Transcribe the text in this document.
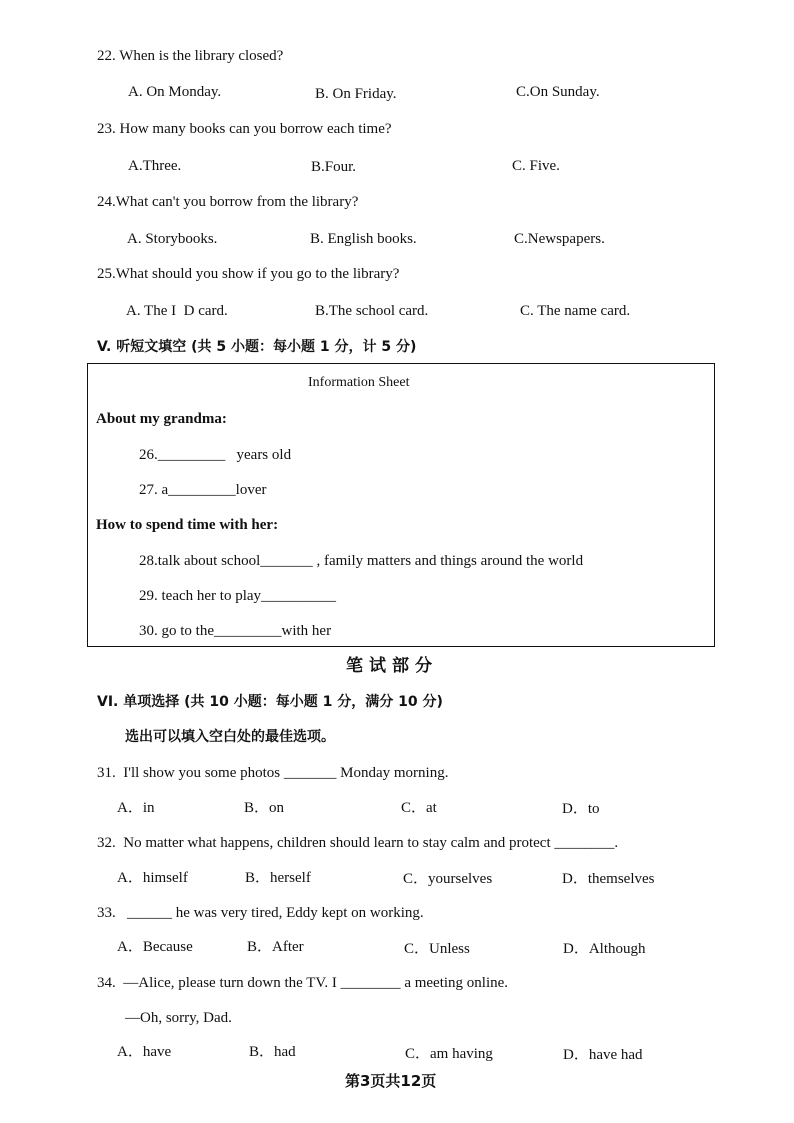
22. When is the library closed?
A. On Monday.	B. On Friday.	C.On Sunday.
23. How many books can you borrow each time?
A.Three.	B.Four.	C. Five.
24.What can't you borrow from the library?
A. Storybooks.	B. English books.	C.Newspapers.
25.What should you show if you go to the library?
A. The I  D card.	B.The school card.	C. The name card.
V. 听短文填空 (共 5 小题：每小题 1 分，计 5 分)
Information Sheet
About my grandma:
26._________   years old
27. a_________lover
How to spend time with her:
28.talk about school_______ , family matters and things around the world
29. teach her to play__________
30. go to the_________with her
笔试部分
VI. 单项选择 (共 10 小题：每小题 1 分，满分 10 分)
选出可以填入空白处的最佳选项。
31.  I'll show you some photos _______ Monday morning.
A．in	B．on	C．at	D．to
32.  No matter what happens, children should learn to stay calm and protect ________.
A．himself	B．herself	C．yourselves	D．themselves
33.   ______ he was very tired, Eddy kept on working.
A．Because	B．After	C．Unless	D．Although
34.  —Alice, please turn down the TV. I ________ a meeting online.
—Oh, sorry, Dad.
A．have	B．had	C．am having	D．have had
第3页共12页
